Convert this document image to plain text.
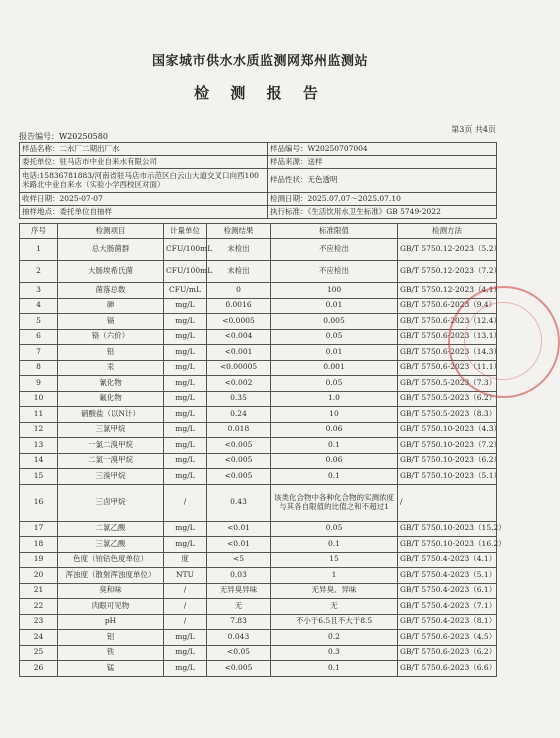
国家城市供水水质监测网郑州监测站
检 测 报 告
第3页 共4页
报告编号：W20250580
样品名称：二水厂二期出厂水	样品编号：W20250707004
委托单位：驻马店市中业自来水有限公司	样品来源：送样
电话:15836781883/河南省驻马店市示范区白云山大道交叉口向西100米路北中业自来水（实验小学西校区对面）	样品性状：无色透明
收样日期：2025-07-07	检测日期：2025.07.07～2025.07.10
抽样地点：委托单位自抽样	执行标准：《生活饮用水卫生标准》GB 5749-2022
序号	检测项目	计量单位	检测结果	标准限值	检测方法
1	总大肠菌群	CFU/100mL	未检出	不应检出	GB/T 5750.12-2023（5.2）
2	大肠埃希氏菌	CFU/100mL	未检出	不应检出	GB/T 5750.12-2023（7.2）
3	菌落总数	CFU/mL	0	100	GB/T 5750.12-2023（4.1）
4	砷	mg/L	0.0016	0.01	GB/T 5750.6-2023（9.4）
5	镉	mg/L	<0.0005	0.005	GB/T 5750.6-2023（12.4）
6	铬（六价）	mg/L	<0.004	0.05	GB/T 5750.6-2023（13.1）
7	铅	mg/L	<0.001	0.01	GB/T 5750.6-2023（14.3）
8	汞	mg/L	<0.00005	0.001	GB/T 5750.6-2023（11.1）
9	氰化物	mg/L	<0.002	0.05	GB/T 5750.5-2023（7.3）
10	氟化物	mg/L	0.35	1.0	GB/T 5750.5-2023（6.2）
11	硝酸盐（以N计）	mg/L	0.24	10	GB/T 5750.5-2023（8.3）
12	三氯甲烷	mg/L	0.018	0.06	GB/T 5750.10-2023（4.3）
13	一氯二溴甲烷	mg/L	<0.005	0.1	GB/T 5750.10-2023（7.2）
14	二氯一溴甲烷	mg/L	<0.005	0.06	GB/T 5750.10-2023（6.2）
15	三溴甲烷	mg/L	<0.005	0.1	GB/T 5750.10-2023（5.1）
16	三卤甲烷	/	0.43	该类化合物中各种化合物的实测浓度与其各自限值的比值之和不超过1	/
17	二氯乙酸	mg/L	<0.01	0.05	GB/T 5750.10-2023（15.2）
18	三氯乙酸	mg/L	<0.01	0.1	GB/T 5750.10-2023（16.2）
19	色度（铂钴色度单位）	度	<5	15	GB/T 5750.4-2023（4.1）
20	浑浊度（散射浑浊度单位）	NTU	0.03	1	GB/T 5750.4-2023（5.1）
21	臭和味	/	无异臭异味	无异臭、异味	GB/T 5750.4-2023（6.1）
22	肉眼可见物	/	无	无	GB/T 5750.4-2023（7.1）
23	pH	/	7.83	不小于6.5且不大于8.5	GB/T 5750.4-2023（8.1）
24	铝	mg/L	0.043	0.2	GB/T 5750.6-2023（4.5）
25	铁	mg/L	<0.05	0.3	GB/T 5750.6-2023（6.2）
26	锰	mg/L	<0.005	0.1	GB/T 5750.6-2023（6.6）
